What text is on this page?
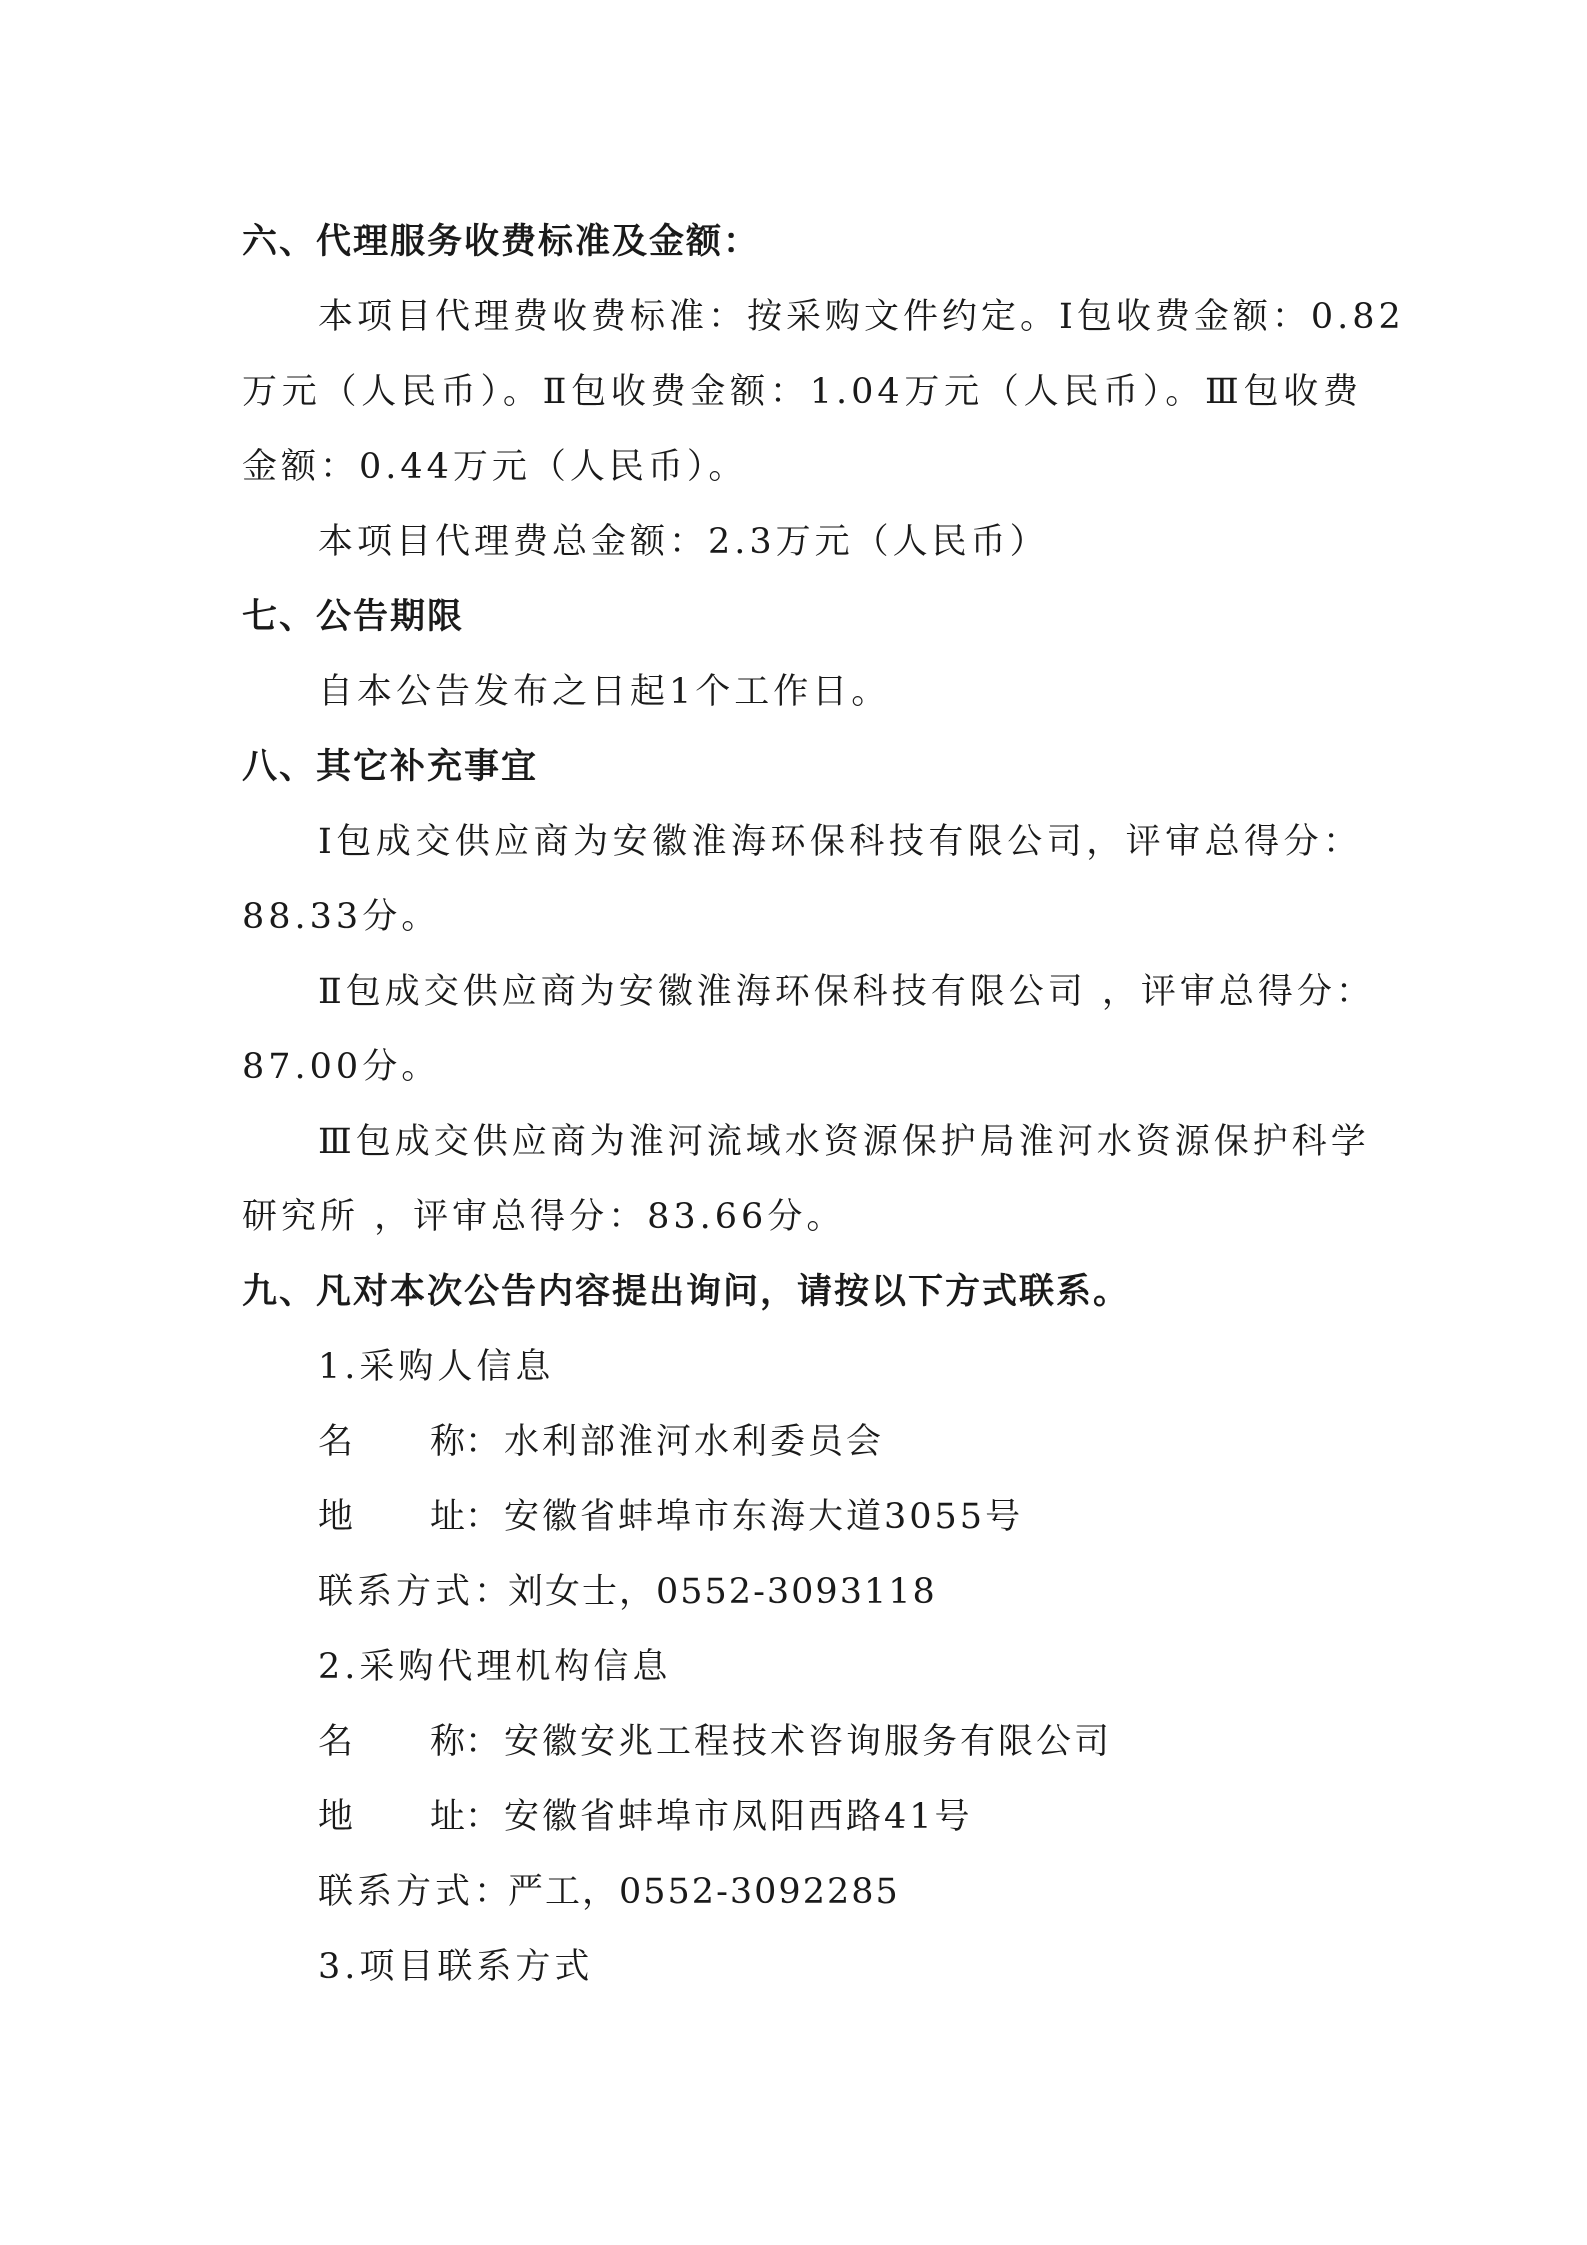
六、代理服务收费标准及金额：

本项目代理费收费标准：按采购文件约定。Ⅰ包收费金额：0.82

万元（人民币）。Ⅱ包收费金额：1.04万元（人民币）。Ⅲ包收费

金额：0.44万元（人民币）。

本项目代理费总金额：2.3万元（人民币）

七、公告期限

自本公告发布之日起1个工作日。

八、其它补充事宜

Ⅰ包成交供应商为安徽淮海环保科技有限公司，评审总得分：

88.33分。

Ⅱ包成交供应商为安徽淮海环保科技有限公司 ，评审总得分：

87.00分。

Ⅲ包成交供应商为淮河流域水资源保护局淮河水资源保护科学

研究所 ，评审总得分：83.66分。

九、凡对本次公告内容提出询问，请按以下方式联系。

1.采购人信息

名 称： 水利部淮河水利委员会
地 址： 安徽省蚌埠市东海大道3055号
联系方式：
刘女士，0552-3093118

2.采购代理机构信息

名 称： 安徽安兆工程技术咨询服务有限公司
地 址： 安徽省蚌埠市凤阳西路41号
联系方式：
严工，0552-3092285

3.项目联系方式
